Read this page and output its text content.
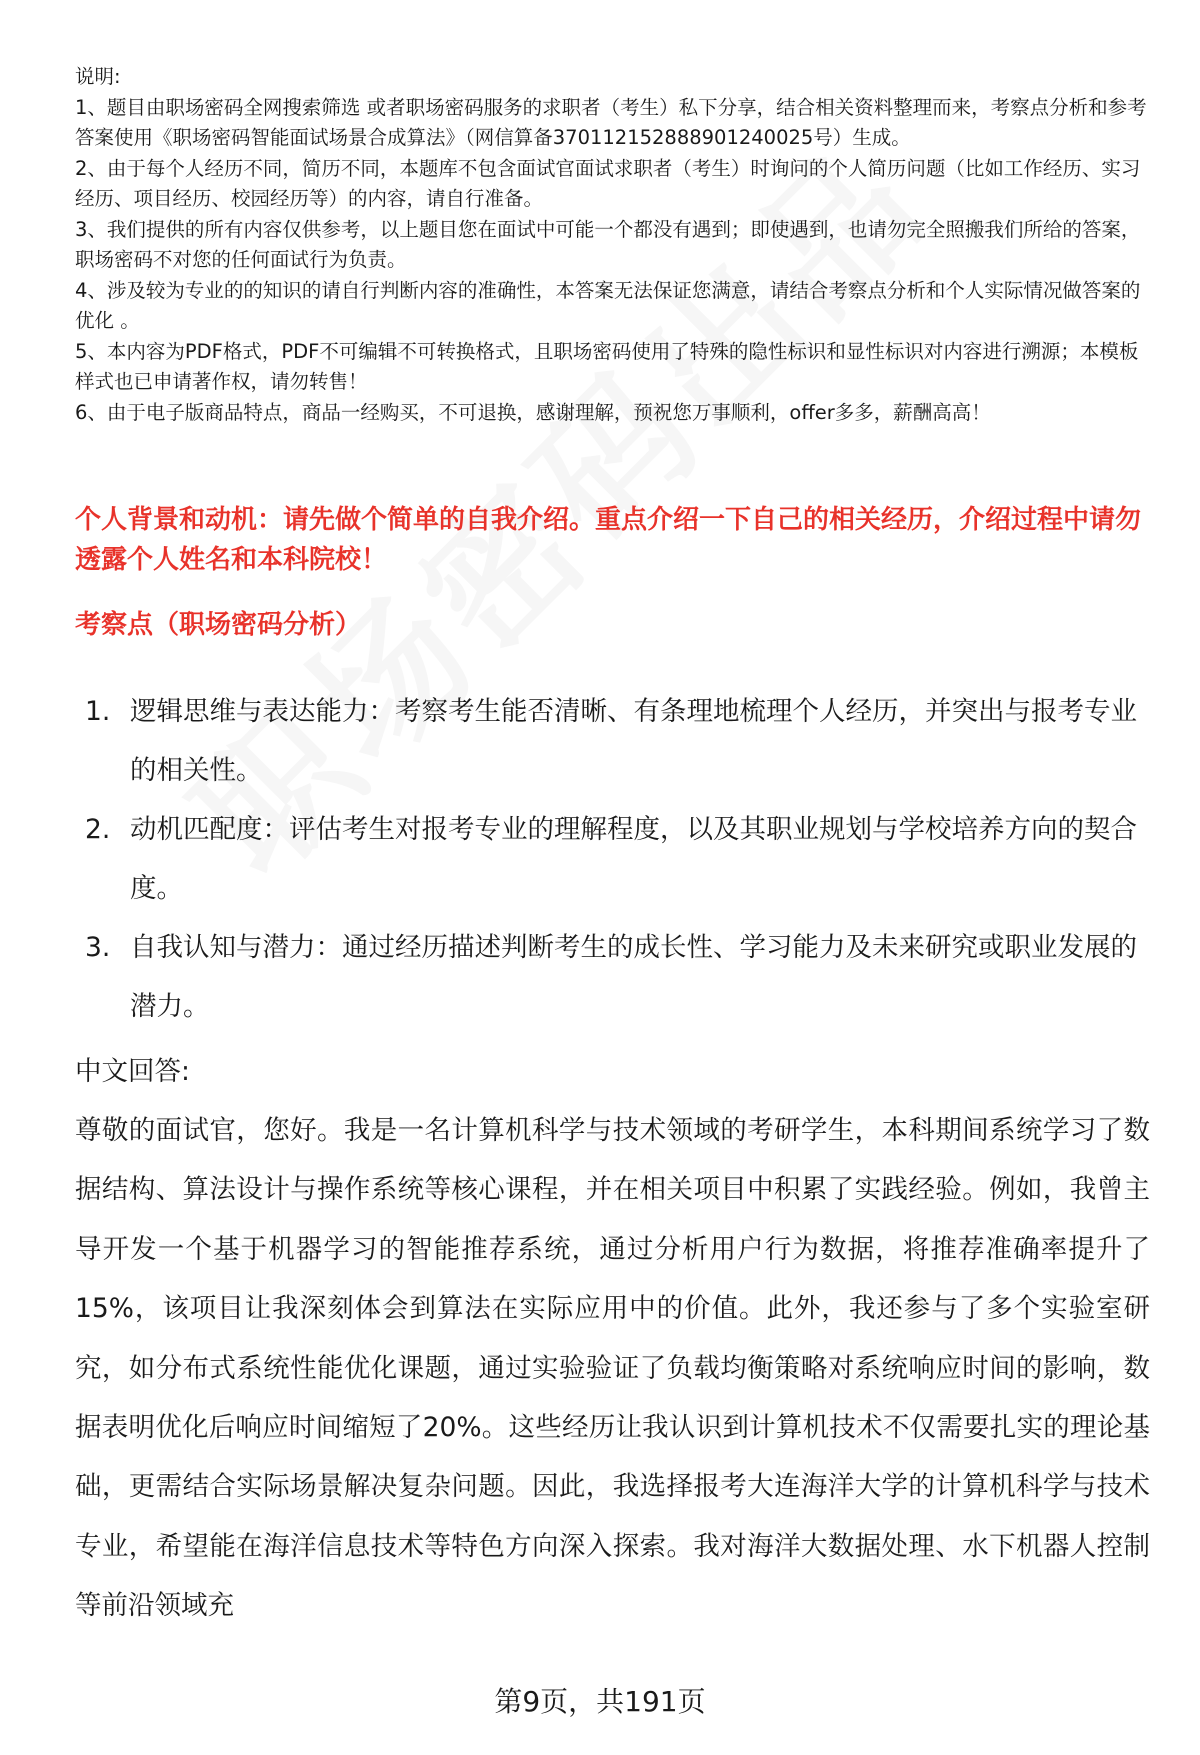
说明:

1、题目由职场密码全网搜索筛选 或者职场密码服务的求职者（考生）私下分享，结合相关资料整理而来，考察点分析和参考答案使用《职场密码智能面试场景合成算法》（网信算备370112152888901240025号）生成。

2、由于每个人经历不同，简历不同，本题库不包含面试官面试求职者（考生）时询问的个人简历问题（比如工作经历、实习经历、项目经历、校园经历等）的内容，请自行准备。

3、我们提供的所有内容仅供参考，以上题目您在面试中可能一个都没有遇到；即使遇到，也请勿完全照搬我们所给的答案，职场密码不对您的任何面试行为负责。

4、涉及较为专业的的知识的请自行判断内容的准确性，本答案无法保证您满意，请结合考察点分析和个人实际情况做答案的优化 。

5、本内容为PDF格式，PDF不可编辑不可转换格式，且职场密码使用了特殊的隐性标识和显性标识对内容进行溯源；本模板样式也已申请著作权，请勿转售！

6、由于电子版商品特点，商品一经购买，不可退换，感谢理解，预祝您万事顺利，offer多多，薪酬高高！

个人背景和动机：请先做个简单的自我介绍。重点介绍一下自己的相关经历，介绍过程中请勿透露个人姓名和本科院校！
考察点（职场密码分析）
1. 逻辑思维与表达能力：考察考生能否清晰、有条理地梳理个人经历，并突出与报考专业的相关性。
2. 动机匹配度：评估考生对报考专业的理解程度，以及其职业规划与学校培养方向的契合度。
3. 自我认知与潜力：通过经历描述判断考生的成长性、学习能力及未来研究或职业发展的潜力。

中文回答:

尊敬的面试官，您好。我是一名计算机科学与技术领域的考研学生，本科期间系统学习了数据结构、算法设计与操作系统等核心课程，并在相关项目中积累了实践经验。例如，我曾主导开发一个基于机器学习的智能推荐系统，通过分析用户行为数据，将推荐准确率提升了15%，该项目让我深刻体会到算法在实际应用中的价值。此外，我还参与了多个实验室研究，如分布式系统性能优化课题，通过实验验证了负载均衡策略对系统响应时间的影响，数据表明优化后响应时间缩短了20%。这些经历让我认识到计算机技术不仅需要扎实的理论基础，更需结合实际场景解决复杂问题。因此，我选择报考大连海洋大学的计算机科学与技术专业，希望能在海洋信息技术等特色方向深入探索。我对海洋大数据处理、水下机器人控制等前沿领域充

第9页，共191页
